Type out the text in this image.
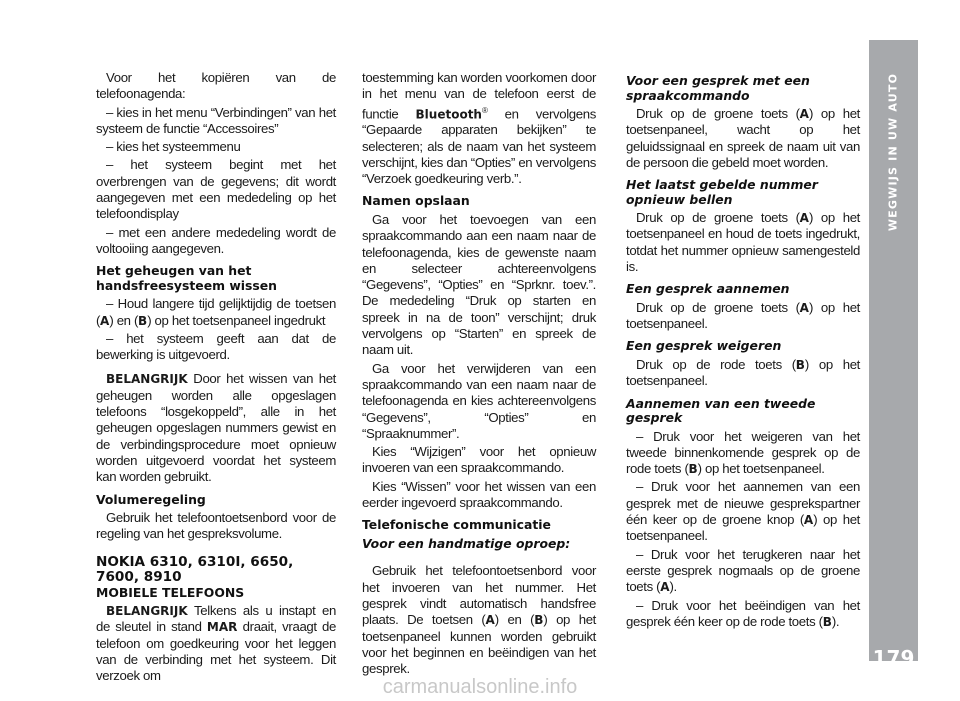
Voor het kopiëren van de telefoonagenda:

– kies in het menu “Verbindingen” van het systeem de functie “Accessoires”

– kies het systeemmenu

– het systeem begint met het overbrengen van de gegevens; dit wordt aangegeven met een mededeling op het telefoondisplay

– met een andere mededeling wordt de voltooiing aangegeven.

Het geheugen van het handsfreesysteem wissen

– Houd langere tijd gelijktijdig de toetsen (A) en (B) op het toetsenpaneel ingedrukt

– het systeem geeft aan dat de bewerking is uitgevoerd.

BELANGRIJK Door het wissen van het geheugen worden alle opgeslagen telefoons “losgekoppeld”, alle in het geheugen opgeslagen nummers gewist en de verbindingsprocedure moet opnieuw worden uitgevoerd voordat het systeem kan worden gebruikt.

Volumeregeling

Gebruik het telefoontoetsenbord voor de regeling van het gespreksvolume.

NOKIA 6310, 6310I, 6650, 7600, 8910
MOBIELE TELEFOONS

BELANGRIJK Telkens als u instapt en de sleutel in stand MAR draait, vraagt de telefoon om goedkeuring voor het leggen van de verbinding met het systeem. Dit verzoek om

toestemming kan worden voorkomen door in het menu van de telefoon eerst de functie Bluetooth® en vervolgens “Gepaarde apparaten bekijken” te selecteren; als de naam van het systeem verschijnt, kies dan “Opties” en vervolgens “Verzoek goedkeuring verb.”.

Namen opslaan

Ga voor het toevoegen van een spraakcommando aan een naam naar de telefoonagenda, kies de gewenste naam en selecteer achtereenvolgens “Gegevens”, “Opties” en “Sprknr. toev.”. De mededeling “Druk op starten en spreek in na de toon” verschijnt; druk vervolgens op “Starten” en spreek de naam uit.

Ga voor het verwijderen van een spraakcommando van een naam naar de telefoonagenda en kies achtereenvolgens “Gegevens”, “Opties” en “Spraaknummer”.

Kies “Wijzigen” voor het opnieuw invoeren van een spraakcommando.

Kies “Wissen” voor het wissen van een eerder ingevoerd spraakcommando.

Telefonische communicatie
Voor een handmatige oproep:

Gebruik het telefoontoetsenbord voor het invoeren van het nummer. Het gesprek vindt automatisch handsfree plaats. De toetsen (A) en (B) op het toetsenpaneel kunnen worden gebruikt voor het beginnen en beëindigen van het gesprek.

Voor een gesprek met een spraakcommando

Druk op de groene toets (A) op het toetsenpaneel, wacht op het geluidssignaal en spreek de naam uit van de persoon die gebeld moet worden.

Het laatst gebelde nummer opnieuw bellen

Druk op de groene toets (A) op het toetsenpaneel en houd de toets ingedrukt, totdat het nummer opnieuw samengesteld is.

Een gesprek aannemen

Druk op de groene toets (A) op het toetsenpaneel.

Een gesprek weigeren

Druk op de rode toets (B) op het toetsenpaneel.

Aannemen van een tweede gesprek

– Druk voor het weigeren van het tweede binnenkomende gesprek op de rode toets (B) op het toetsenpaneel.

– Druk voor het aannemen van een gesprek met de nieuwe gesprekspartner één keer op de groene knop (A) op het toetsenpaneel.

– Druk voor het terugkeren naar het eerste gesprek nogmaals op de groene toets (A).

– Druk voor het beëindigen van het gesprek één keer op de rode toets (B).

WEGWIJS IN UW AUTO
179
carmanualsonline.info
